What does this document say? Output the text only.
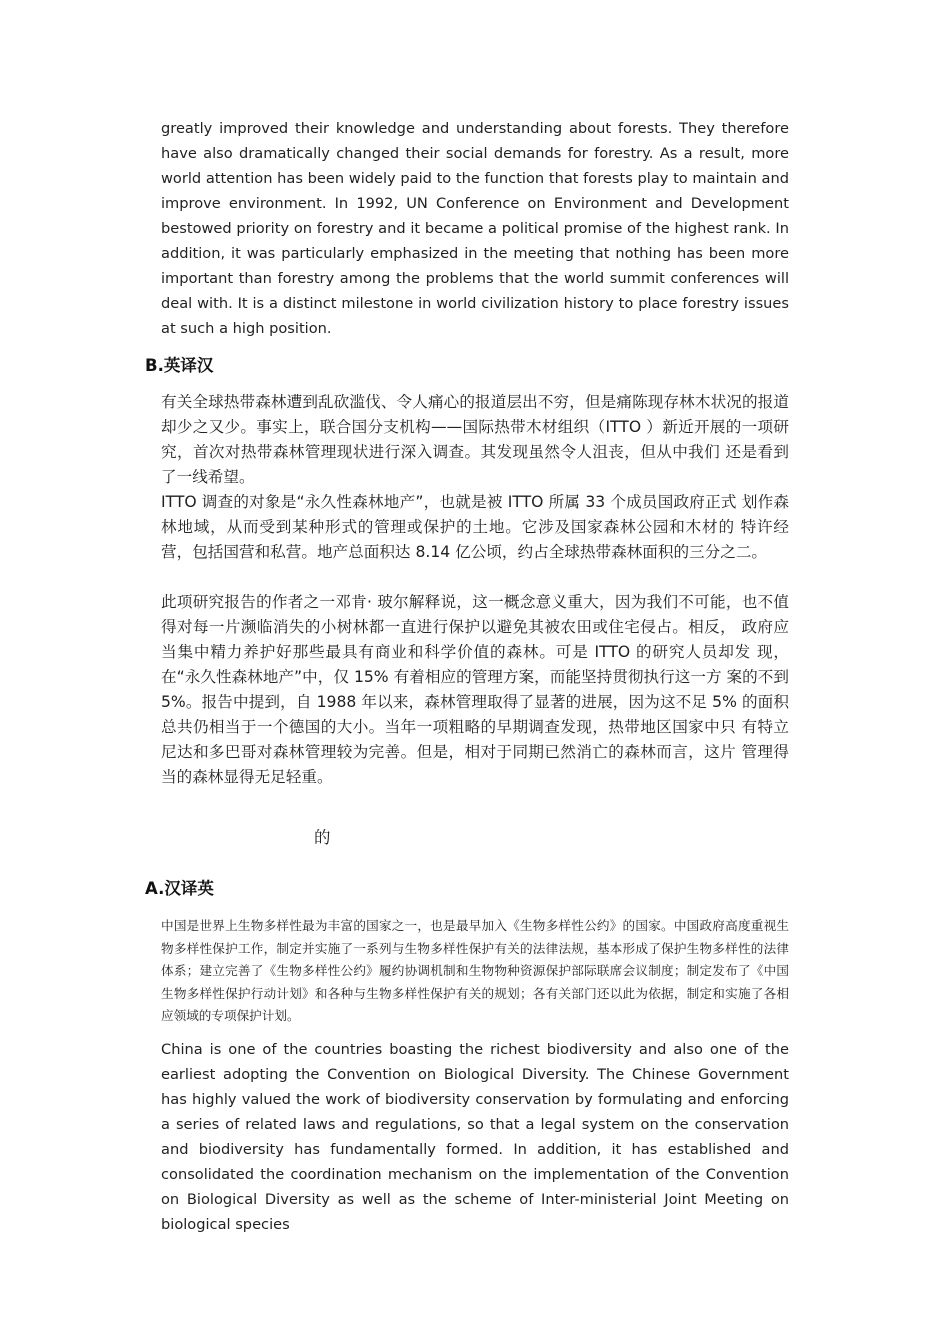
greatly improved their knowledge and understanding about forests. They therefore have also dramatically changed their social demands for forestry. As a result, more world attention has been widely paid to the function that forests play to maintain and improve environment. In 1992, UN Conference on Environment and Development bestowed priority on forestry and it became a political promise of the highest rank. In addition, it was particularly emphasized in the meeting that nothing has been more important than forestry among the problems that the world summit conferences will deal with. It is a distinct milestone in world civilization history to place forestry issues at such a high position.

B.英译汉

有关全球热带森林遭到乱砍滥伐、令人痛心的报道层出不穷，但是痛陈现存林木状况的报道却少之又少。事实上，联合国分支机构——国际热带木材组织（ITTO ）新近开展的一项研究，首次对热带森林管理现状进行深入调查。其发现虽然令人沮丧，但从中我们 还是看到了一线希望。

ITTO 调查的对象是“永久性森林地产”，也就是被 ITTO 所属 33 个成员国政府正式 划作森林地域，从而受到某种形式的管理或保护的土地。它涉及国家森林公园和木材的 特许经营，包括国营和私营。地产总面积达 8.14 亿公顷，约占全球热带森林面积的三分之二。

此项研究报告的作者之一邓肯· 玻尔解释说，这一概念意义重大，因为我们不可能，也不值得对每一片濒临消失的小树林都一直进行保护以避免其被农田或住宅侵占。相反， 政府应当集中精力养护好那些最具有商业和科学价值的森林。可是 ITTO 的研究人员却发 现，在“永久性森林地产”中，仅 15% 有着相应的管理方案，而能坚持贯彻执行这一方 案的不到 5%。报告中提到，自 1988 年以来，森林管理取得了显著的进展，因为这不足 5% 的面积总共仍相当于一个德国的大小。当年一项粗略的早期调查发现，热带地区国家中只 有特立尼达和多巴哥对森林管理较为完善。但是，相对于同期已然消亡的森林而言，这片 管理得当的森林显得无足轻重。

的

A.汉译英

中国是世界上生物多样性最为丰富的国家之一，也是最早加入《生物多样性公约》的国家。中国政府高度重视生物多样性保护工作，制定并实施了一系列与生物多样性保护有关的法律法规，基本形成了保护生物多样性的法律体系；建立完善了《生物多样性公约》履约协调机制和生物物种资源保护部际联席会议制度；制定发布了《中国生物多样性保护行动计划》和各种与生物多样性保护有关的规划；各有关部门还以此为依据，制定和实施了各相应领域的专项保护计划。

China is one of the countries boasting the richest biodiversity and also one of the earliest adopting the Convention on Biological Diversity. The Chinese Government has highly valued the work of biodiversity conservation by formulating and enforcing a series of related laws and regulations, so that a legal system on the conservation and biodiversity has fundamentally formed. In addition, it has established and consolidated the coordination mechanism on the implementation of the Convention on Biological Diversity as well as the scheme of Inter-ministerial Joint Meeting on biological species
